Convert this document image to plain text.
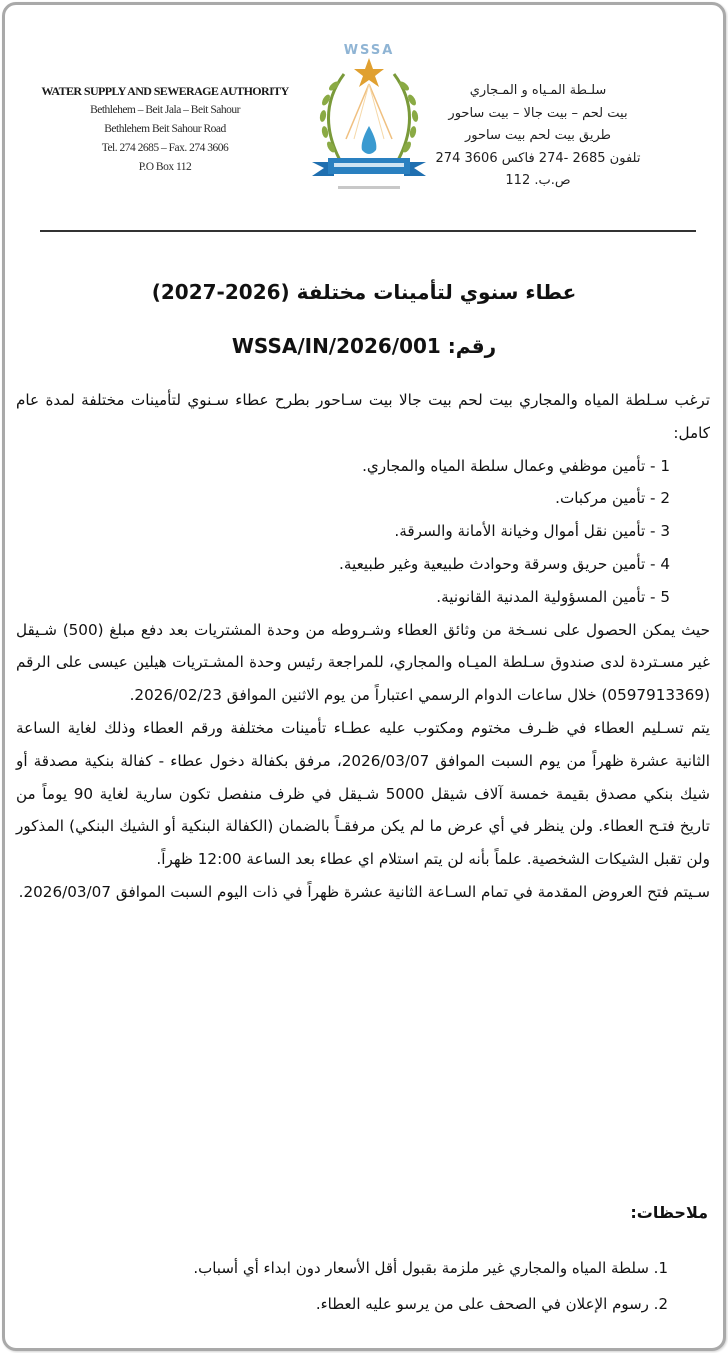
WATER SUPPLY AND SEWERAGE AUTHORITY
Bethlehem – Beit Jala – Beit Sahour
Bethlehem Beit Sahour Road
Tel. 274 2685 – Fax. 274 3606
P.O Box 112
WSSA
سلـطة المـياه و المـجاري
بيت لحم – بيت جالا – بيت ساحور
طريق بيت لحم بيت ساحور
تلفون 2685 -274 فاكس 3606 274
ص.ب. 112
عطاء سنوي لتأمينات مختلفة (2026-2027)
رقم: WSSA/IN/2026/001

ترغب سـلطة المياه والمجاري بيت لحم بيت جالا بيت سـاحور بطرح عطاء سـنوي لتأمينات مختلفة لمدة عام كامل:

1 - تأمين موظفي وعمال سلطة المياه والمجاري.
2 - تأمين مركبات.
3 - تأمين نقل أموال وخيانة الأمانة والسرقة.
4 - تأمين حريق وسرقة وحوادث طبيعية وغير طبيعية.
5 - تأمين المسؤولية المدنية القانونية.

حيث يمكن الحصول على نسـخة من وثائق العطاء وشـروطه من وحدة المشتريات بعد دفع مبلغ (500) شـيقل غير مسـتردة لدى صندوق سـلطة الميـاه والمجاري، للمراجعة رئيس وحدة المشـتريات هيلين عيسى على الرقم (0597913369) خلال ساعات الدوام الرسمي اعتباراً من يوم الاثنين الموافق 2026/02/23.

يتم تسـليم العطاء في ظـرف مختوم ومكتوب عليه عطـاء تأمينات مختلفة ورقم العطاء وذلك لغاية الساعة الثانية عشرة ظهراً من يوم السبت الموافق 2026/03/07، مرفق بكفالة دخول عطاء - كفالة بنكية مصدقة أو شيك بنكي مصدق بقيمة خمسة آلاف شيقل 5000 شـيقل في ظرف منفصل تكون سارية لغاية 90 يوماً من تاريخ فتـح العطاء. ولن ينظر في أي عرض ما لم يكن مرفقـاً بالضمان (الكفالة البنكية أو الشيك البنكي) المذكور ولن تقبل الشيكات الشخصية. علماً بأنه لن يتم استلام اي عطاء بعد الساعة 12:00 ظهراً.

سـيتم فتح العروض المقدمة في تمام السـاعة الثانية عشرة ظهراً في ذات اليوم السبت الموافق 2026/03/07.

ملاحظات:
1. سلطة المياه والمجاري غير ملزمة بقبول أقل الأسعار دون ابداء أي أسباب.
2. رسوم الإعلان في الصحف على من يرسو عليه العطاء.
